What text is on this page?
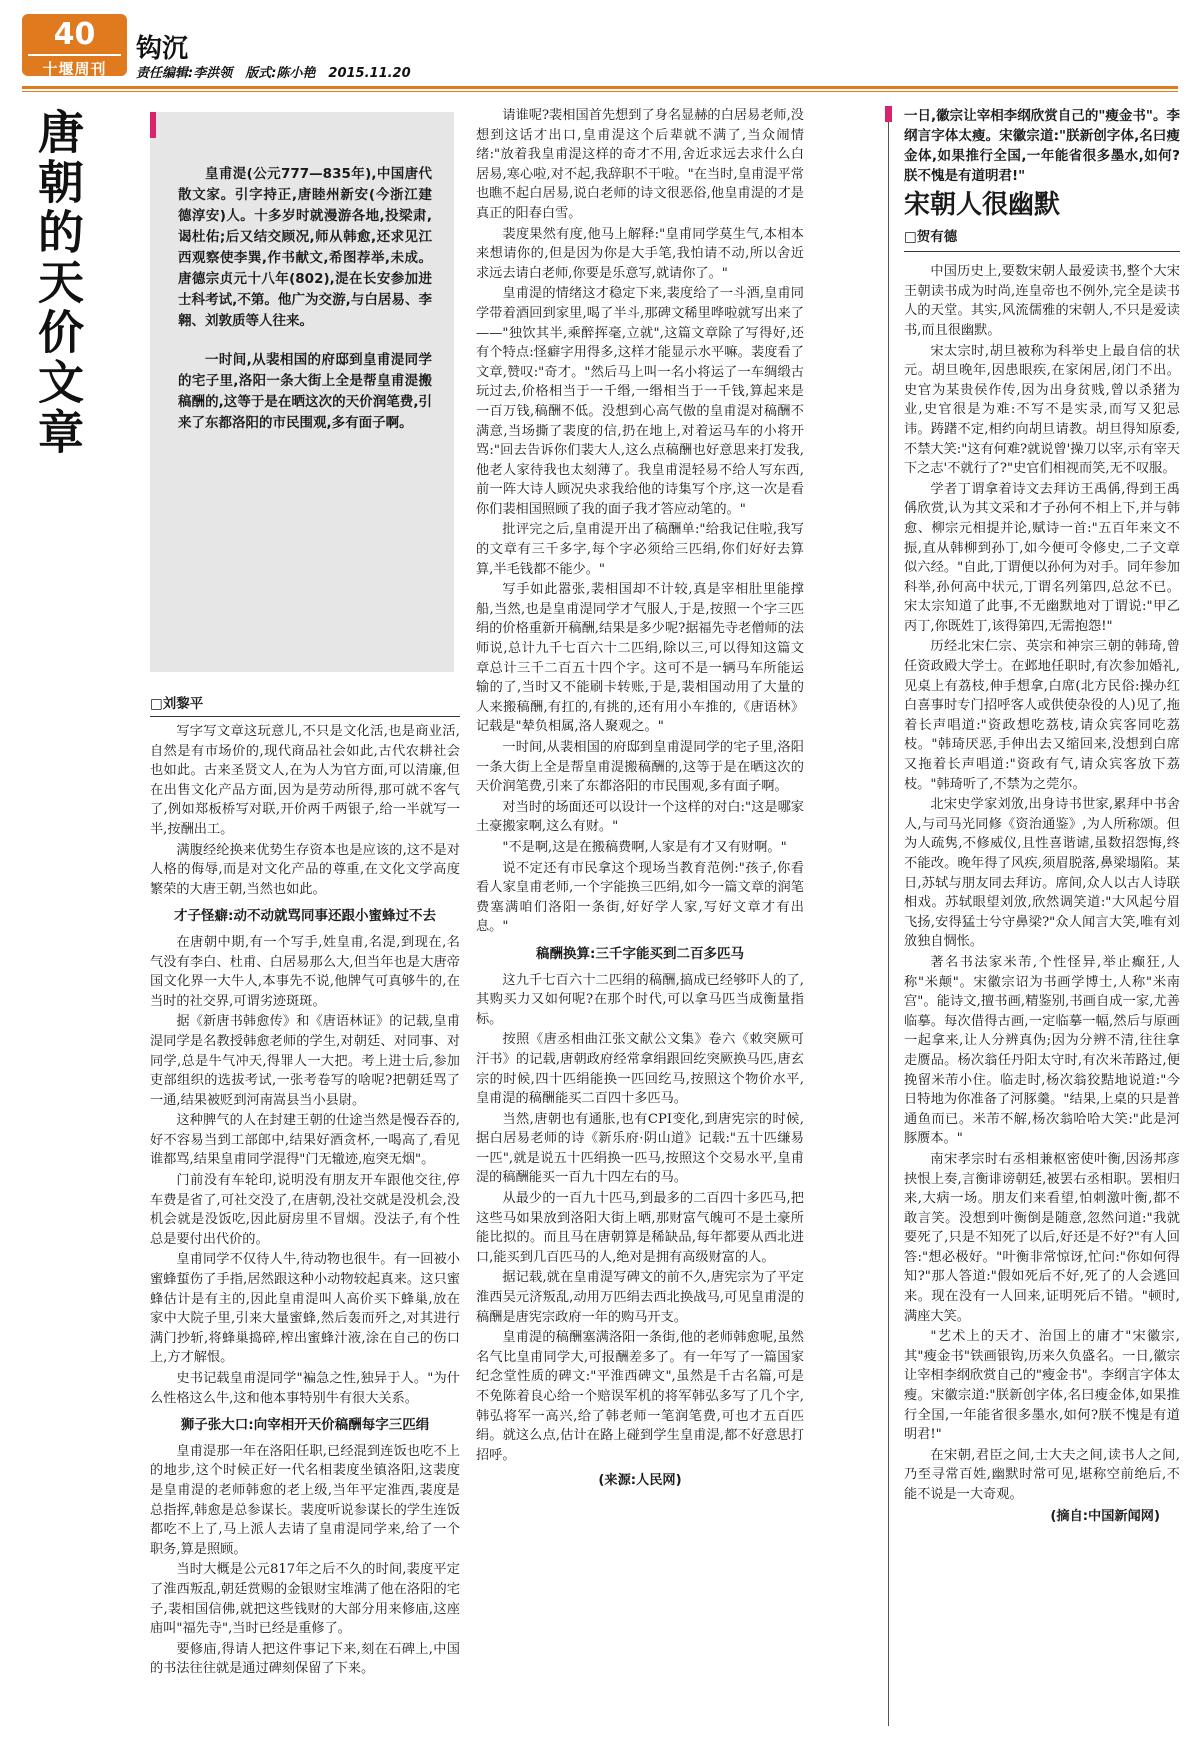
40
十堰周刊
钩沉
责任编辑:李洪领　版式:陈小艳　2015.11.20
唐朝的天价文章	皇甫湜(公元777—835年),中国唐代散文家。引字持正,唐睦州新安(今浙江建德淳安)人。十多岁时就漫游各地,投梁肃,谒杜佑;后又结交顾况,师从韩愈,还求见江西观察使李巽,作书献文,希图荐举,未成。唐德宗贞元十八年(802),湜在长安参加进士科考试,不第。他广为交游,与白居易、李翱、刘敦质等人往来。

一时间,从裴相国的府邸到皇甫湜同学的宅子里,洛阳一条大街上全是帮皇甫湜搬稿酬的,这等于是在晒这次的天价润笔费,引来了东都洛阳的市民围观,多有面子啊。

□刘黎平

写字写文章这玩意儿,不只是文化活,也是商业活,自然是有市场价的,现代商品社会如此,古代农耕社会也如此。古来圣贤文人,在为人为官方面,可以清廉,但在出售文化产品方面,因为是劳动所得,那可就不客气了,例如郑板桥写对联,开价两千两银子,给一半就写一半,按酬出工。

满腹经纶换来优势生存资本也是应该的,这不是对人格的侮辱,而是对文化产品的尊重,在文化文学高度繁荣的大唐王朝,当然也如此。

才子怪癖:动不动就骂同事还跟小蜜蜂过不去

在唐朝中期,有一个写手,姓皇甫,名湜,到现在,名气没有李白、杜甫、白居易那么大,但当年也是大唐帝国文化界一大牛人,本事先不说,他牌气可真够牛的,在当时的社交界,可谓劣迹斑斑。

据《新唐书韩愈传》和《唐语林证》的记载,皇甫湜同学是名教授韩愈老师的学生,对朝廷、对同事、对同学,总是牛气冲天,得罪人一大把。考上进士后,参加吏部组织的选拔考试,一张考卷写的啥呢?把朝廷骂了一通,结果被贬到河南嵩县当小县尉。

这种脾气的人在封建王朝的仕途当然是慢吞吞的,好不容易当到工部郎中,结果好酒贪杯,一喝高了,看见谁都骂,结果皇甫同学混得"门无辙迹,庖突无烟"。

门前没有车轮印,说明没有朋友开车跟他交往,停车费是省了,可社交没了,在唐朝,没社交就是没机会,没机会就是没饭吃,因此厨房里不冒烟。没法子,有个性总是要付出代价的。

皇甫同学不仅待人牛,待动物也很牛。有一回被小蜜蜂蜇伤了手指,居然跟这种小动物较起真来。这只蜜蜂估计是有主的,因此皇甫湜叫人高价买下蜂巢,放在家中大院子里,引来大量蜜蜂,然后轰而歼之,对其进行满门抄斩,将蜂巢捣碎,榨出蜜蜂汁液,涂在自己的伤口上,方才解恨。

史书记载皇甫湜同学"褊急之性,独异于人。"为什么性格这么牛,这和他本事特别牛有很大关系。

狮子张大口:向宰相开天价稿酬每字三匹绢

皇甫湜那一年在洛阳任职,已经混到连饭也吃不上的地步,这个时候正好一代名相裴度坐镇洛阳,这裴度是皇甫湜的老师韩愈的老上级,当年平定淮西,裴度是总指挥,韩愈是总参谋长。裴度听说参谋长的学生连饭都吃不上了,马上派人去请了皇甫湜同学来,给了一个职务,算是照顾。

当时大概是公元817年之后不久的时间,裴度平定了淮西叛乱,朝廷赏赐的金银财宝堆满了他在洛阳的宅子,裴相国信佛,就把这些钱财的大部分用来修庙,这座庙叫"福先寺",当时已经是重修了。

要修庙,得请人把这件事记下来,刻在石碑上,中国的书法往往就是通过碑刻保留了下来。

请谁呢?裴相国首先想到了身名显赫的白居易老师,没想到这话才出口,皇甫湜这个后辈就不满了,当众闹情绪:"放着我皇甫湜这样的奇才不用,舍近求远去求什么白居易,寒心啦,对不起,我辞职不干啦。"在当时,皇甫湜平常也瞧不起白居易,说白老师的诗文很恶俗,他皇甫湜的才是真正的阳春白雪。

裴度果然有度,他马上解释:"皇甫同学莫生气,本相本来想请你的,但是因为你是大手笔,我怕请不动,所以舍近求远去请白老师,你要是乐意写,就请你了。"

皇甫湜的情绪这才稳定下来,裴度给了一斗酒,皇甫同学带着酒回到家里,喝了半斗,那碑文稀里哗啦就写出来了——"独饮其半,乘醉挥毫,立就",这篇文章除了写得好,还有个特点:怪癖字用得多,这样才能显示水平嘛。裴度看了文章,赞叹:"奇才。"然后马上叫一名小将运了一车绸缎古玩过去,价格相当于一千缗,一缗相当于一千钱,算起来是一百万钱,稿酬不低。没想到心高气傲的皇甫湜对稿酬不满意,当场撕了裴度的信,扔在地上,对着运马车的小将开骂:"回去告诉你们裴大人,这么点稿酬也好意思来打发我,他老人家待我也太刻薄了。我皇甫湜轻易不给人写东西,前一阵大诗人顾况央求我给他的诗集写个序,这一次是看你们裴相国照顾了我的面子我才答应动笔的。"

批评完之后,皇甫湜开出了稿酬单:"给我记住啦,我写的文章有三千多字,每个字必须给三匹绢,你们好好去算算,半毛钱都不能少。"

写手如此嚣张,裴相国却不计较,真是宰相肚里能撑船,当然,也是皇甫湜同学才气服人,于是,按照一个字三匹绢的价格重新开稿酬,结果是多少呢?据福先寺老僧师的法师说,总计九千七百六十二匹绢,除以三,可以得知这篇文章总计三千二百五十四个字。这可不是一辆马车所能运输的了,当时又不能刷卡转账,于是,裴相国动用了大量的人来搬稿酬,有扛的,有挑的,还有用小车推的,《唐语林》记载是"辇负相属,洛人聚观之。"

一时间,从裴相国的府邸到皇甫湜同学的宅子里,洛阳一条大街上全是帮皇甫湜搬稿酬的,这等于是在晒这次的天价润笔费,引来了东都洛阳的市民围观,多有面子啊。

对当时的场面还可以设计一个这样的对白:"这是哪家土豪搬家啊,这么有财。"

"不是啊,这是在搬稿费啊,人家是有才又有财啊。"

说不定还有市民拿这个现场当教育范例:"孩子,你看看人家皇甫老师,一个字能换三匹绢,如今一篇文章的润笔费塞满咱们洛阳一条街,好好学人家,写好文章才有出息。"

稿酬换算:三千字能买到二百多匹马

这九千七百六十二匹绢的稿酬,搞成已经够吓人的了,其购买力又如何呢?在那个时代,可以拿马匹当成衡量指标。

按照《唐丞相曲江张文献公文集》卷六《敕突厥可汗书》的记载,唐朝政府经常拿绢跟回纥突厥换马匹,唐玄宗的时候,四十匹绢能换一匹回纥马,按照这个物价水平,皇甫湜的稿酬能买二百四十多匹马。

当然,唐朝也有通胀,也有CPI变化,到唐宪宗的时候,据白居易老师的诗《新乐府·阴山道》记载:"五十匹缣易一匹",就是说五十匹绢换一匹马,按照这个交易水平,皇甫湜的稿酬能买一百九十四左右的马。

从最少的一百九十匹马,到最多的二百四十多匹马,把这些马如果放到洛阳大街上晒,那财富气魄可不是土豪所能比拟的。而且马在唐朝算是稀缺品,每年都要从西北进口,能买到几百匹马的人,绝对是拥有高级财富的人。

据记载,就在皇甫湜写碑文的前不久,唐宪宗为了平定淮西吴元济叛乱,动用万匹绢去西北换战马,可见皇甫湜的稿酬是唐宪宗政府一年的购马开支。

皇甫湜的稿酬塞满洛阳一条街,他的老师韩愈呢,虽然名气比皇甫同学大,可报酬差多了。有一年写了一篇国家纪念堂性质的碑文:"平淮西碑文",虽然是千古名篇,可是不免陈着良心给一个赔误军机的将军韩弘多写了几个字,韩弘将军一高兴,给了韩老师一笔润笔费,可也才五百匹绢。就这么点,估计在路上碰到学生皇甫湜,都不好意思打招呼。

(来源:人民网)

一日,徽宗让宰相李纲欣赏自己的"瘦金书"。李纲言字体太瘦。宋徽宗道:"朕新创字体,名曰瘦金体,如果推行全国,一年能省很多墨水,如何?朕不愧是有道明君!"
宋朝人很幽默
□贺有德

中国历史上,要数宋朝人最爱读书,整个大宋王朝读书成为时尚,连皇帝也不例外,完全是读书人的天堂。其实,风流儒雅的宋朝人,不只是爱读书,而且很幽默。

宋太宗时,胡旦被称为科举史上最自信的状元。胡旦晚年,因患眼疾,在家闲居,闭门不出。史官为某贵侯作传,因为出身贫贱,曾以杀猪为业,史官很是为难:不写不是实录,而写又犯忌讳。踌躇不定,相约向胡旦请教。胡旦得知原委,不禁大笑:"这有何难?就说曾'操刀以宰,示有宰天下之志'不就行了?"史官们相视而笑,无不叹服。

学者丁谓拿着诗文去拜访王禹偁,得到王禹偁欣赏,认为其文采和才子孙何不相上下,并与韩愈、柳宗元相提并论,赋诗一首:"五百年来文不振,直从韩柳到孙丁,如今便可令修史,二子文章似六经。"自此,丁谓便以孙何为对手。同年参加科举,孙何高中状元,丁谓名列第四,总忿不已。宋太宗知道了此事,不无幽默地对丁谓说:"甲乙丙丁,你既姓丁,该得第四,无需抱怨!"

历经北宋仁宗、英宗和神宗三朝的韩琦,曾任资政殿大学士。在邺地任职时,有次参加婚礼,见桌上有荔枝,伸手想拿,白席(北方民俗:操办红白喜事时专门招呼客人或供使杂役的人)见了,拖着长声唱道:"资政想吃荔枝,请众宾客同吃荔枝。"韩琦厌恶,手伸出去又缩回来,没想到白席又拖着长声唱道:"资政有气,请众宾客放下荔枝。"韩琦听了,不禁为之莞尔。

北宋史学家刘攽,出身诗书世家,累拜中书舍人,与司马光同修《资治通鉴》,为人所称颂。但为人疏隽,不修威仪,且性喜谐谑,虽数招怨悔,终不能改。晚年得了风疾,须眉脱落,鼻梁塌陷。某日,苏轼与朋友同去拜访。席间,众人以古人诗联相戏。苏轼眼望刘攽,欣然调笑道:"大风起兮眉飞扬,安得猛士兮守鼻梁?"众人闻言大笑,唯有刘攽独自惆怅。

著名书法家米芾,个性怪异,举止癫狂,人称"米颠"。宋徽宗诏为书画学博士,人称"米南宫"。能诗文,擅书画,精鉴别,书画自成一家,尤善临摹。每次借得古画,一定临摹一幅,然后与原画一起拿来,让人分辨真伪;因为分辨不清,往往拿走赝品。杨次翁任丹阳太守时,有次米芾路过,便挽留米芾小住。临走时,杨次翁狡黠地说道:"今日特地为你准备了河豚羹。"结果,上桌的只是普通鱼而已。米芾不解,杨次翁哈哈大笑:"此是河豚赝本。"

南宋孝宗时右丞相兼枢密使叶衡,因汤邦彦挟恨上奏,言衡诽谤朝廷,被罢右丞相职。罢相归来,大病一场。朋友们来看望,怕刺激叶衡,都不敢言笑。没想到叶衡倒是随意,忽然问道:"我就要死了,只是不知死了以后,好还是不好?"有人回答:"想必极好。"叶衡非常惊讶,忙问:"你如何得知?"那人答道:"假如死后不好,死了的人会逃回来。现在没有一人回来,证明死后不错。"顿时,满座大笑。

"艺术上的天才、治国上的庸才"宋徽宗,其"瘦金书"铁画银钩,历来久负盛名。一日,徽宗让宰相李纲欣赏自己的"瘦金书"。李纲言字体太瘦。宋徽宗道:"朕新创字体,名曰瘦金体,如果推行全国,一年能省很多墨水,如何?朕不愧是有道明君!"

在宋朝,君臣之间,士大夫之间,读书人之间,乃至寻常百姓,幽默时常可见,堪称空前绝后,不能不说是一大奇观。

(摘自:中国新闻网)
